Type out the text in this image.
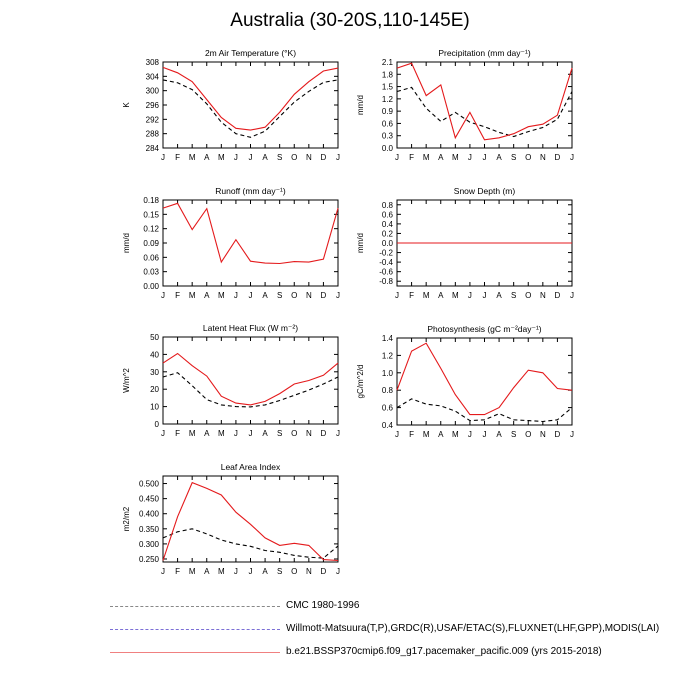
Australia (30-20S,110-145E)
2m Air Temperature (°K)
284
288
292
296
300
304
308
J F M A M J J A S O N D J
K
Precipitation (mm day⁻¹)
0.0
0.3
0.6
0.9
1.2
1.5
1.8
2.1
J F M A M J J A S O N D J
mm/d
Runoff (mm day⁻¹)
0.00
0.03
0.06
0.09
0.12
0.15
0.18
J F M A M J J A S O N D J
mm/d
Snow Depth (m)
-0.8
-0.6
-0.4
-0.2
0.0
0.2
0.4
0.6
0.8
J F M A M J J A S O N D J
mm/d
Latent Heat Flux (W m⁻²)
0
10
20
30
40
50
J F M A M J J A S O N D J
W/m^2
Photosynthesis (gC m⁻²day⁻¹)
0.4
0.6
0.8
1.0
1.2
1.4
J F M A M J J A S O N D J
gC/m^2/d
Leaf Area Index
0.250
0.300
0.350
0.400
0.450
0.500
J F M A M J J A S O N D J
m2/m2
CMC 1980-1996
Willmott-Matsuura(T,P),GRDC(R),USAF/ETAC(S),FLUXNET(LHF,GPP),MODIS(LAI)
b.e21.BSSP370cmip6.f09_g17.pacemaker_pacific.009 (yrs 2015-2018)
